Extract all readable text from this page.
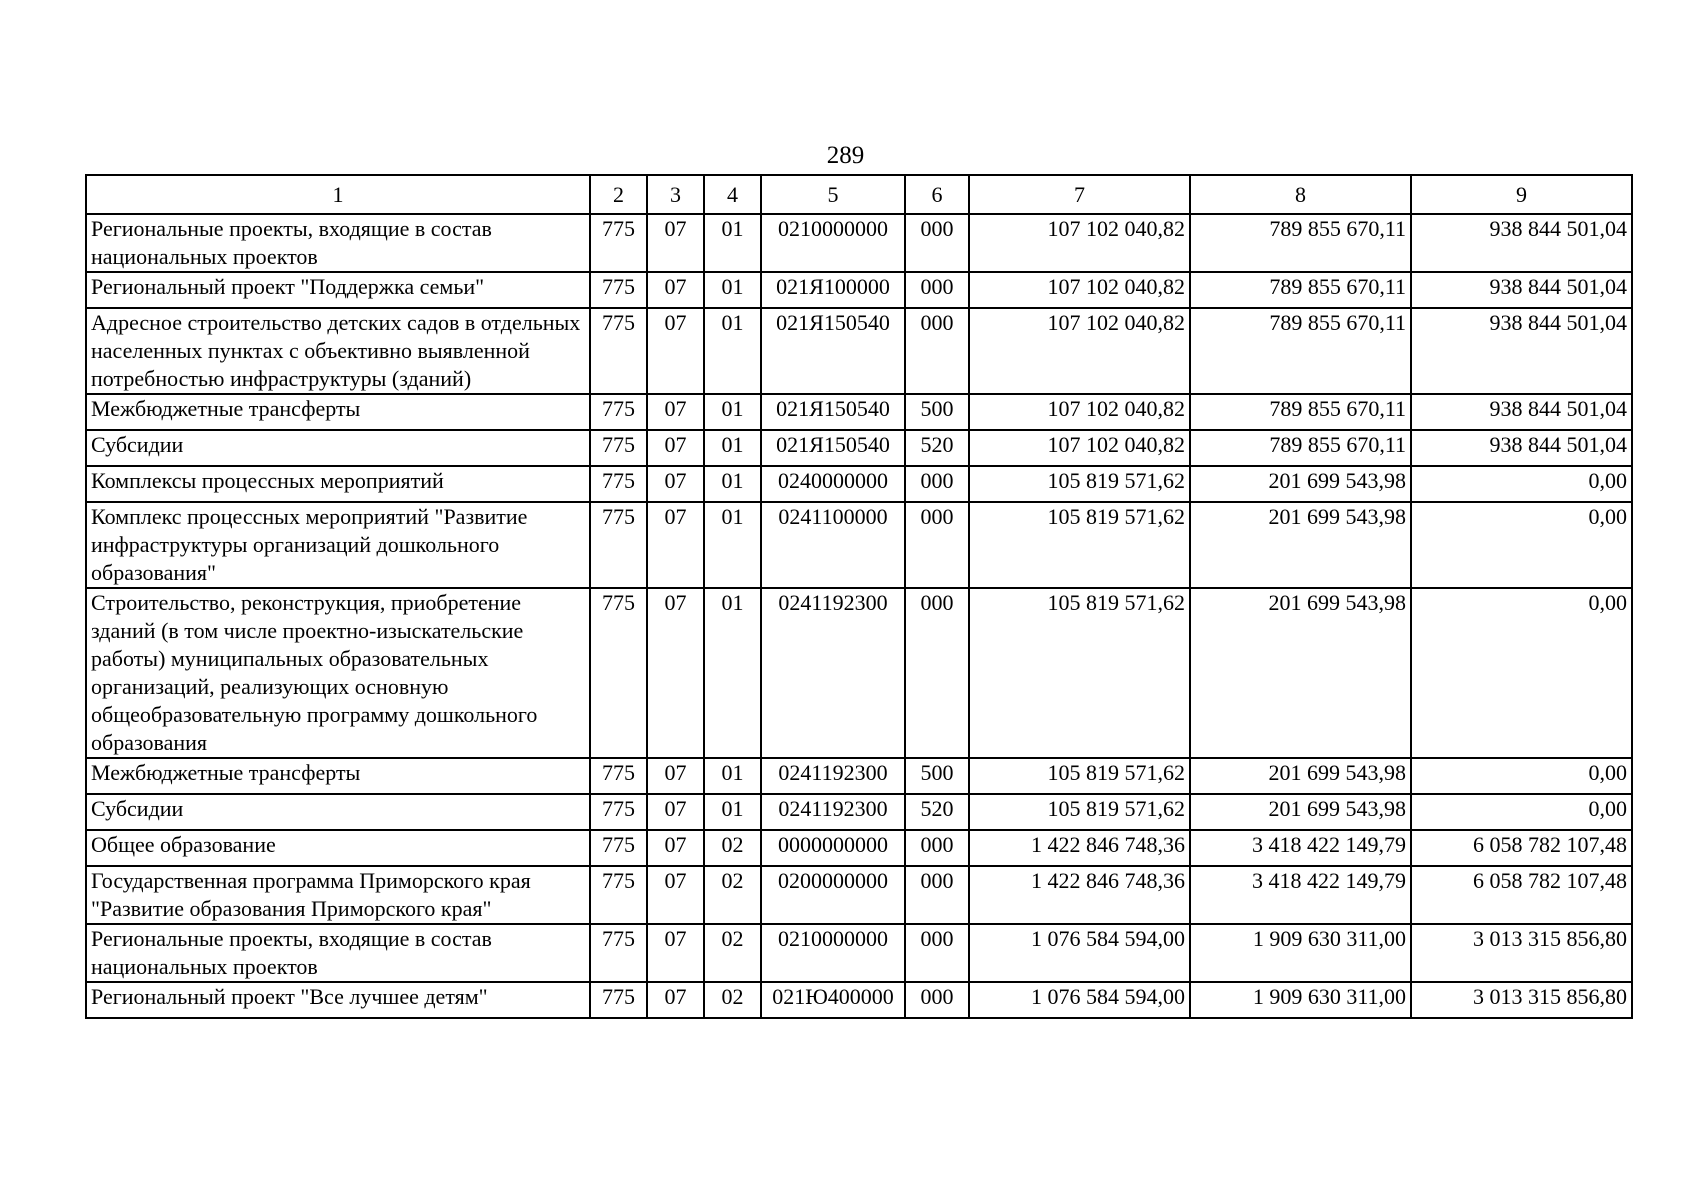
289
1	2	3	4	5	6	7	8	9
Региональные проекты, входящие в состав национальных проектов	775	07	01	0210000000	000	107 102 040,82	789 855 670,11	938 844 501,04
Региональный проект "Поддержка семьи"	775	07	01	021Я100000	000	107 102 040,82	789 855 670,11	938 844 501,04
Адресное строительство детских садов в отдельных населенных пунктах с объективно выявленной потребностью инфраструктуры (зданий)	775	07	01	021Я150540	000	107 102 040,82	789 855 670,11	938 844 501,04
Межбюджетные трансферты	775	07	01	021Я150540	500	107 102 040,82	789 855 670,11	938 844 501,04
Субсидии	775	07	01	021Я150540	520	107 102 040,82	789 855 670,11	938 844 501,04
Комплексы процессных мероприятий	775	07	01	0240000000	000	105 819 571,62	201 699 543,98	0,00
Комплекс процессных мероприятий "Развитие инфраструктуры организаций дошкольного образования"	775	07	01	0241100000	000	105 819 571,62	201 699 543,98	0,00
Строительство, реконструкция, приобретение зданий (в том числе проектно-изыскательские работы) муниципальных образовательных организаций, реализующих основную общеобразовательную программу дошкольного образования	775	07	01	0241192300	000	105 819 571,62	201 699 543,98	0,00
Межбюджетные трансферты	775	07	01	0241192300	500	105 819 571,62	201 699 543,98	0,00
Субсидии	775	07	01	0241192300	520	105 819 571,62	201 699 543,98	0,00
Общее образование	775	07	02	0000000000	000	1 422 846 748,36	3 418 422 149,79	6 058 782 107,48
Государственная программа Приморского края "Развитие образования Приморского края"	775	07	02	0200000000	000	1 422 846 748,36	3 418 422 149,79	6 058 782 107,48
Региональные проекты, входящие в состав национальных проектов	775	07	02	0210000000	000	1 076 584 594,00	1 909 630 311,00	3 013 315 856,80
Региональный проект "Все лучшее детям"	775	07	02	021Ю400000	000	1 076 584 594,00	1 909 630 311,00	3 013 315 856,80
